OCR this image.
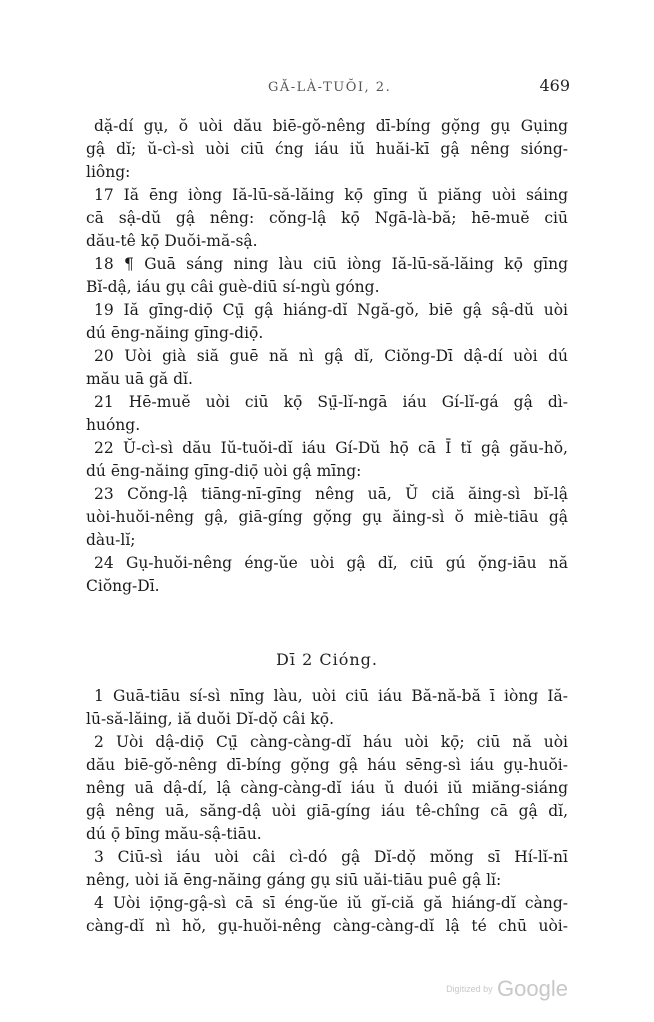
GĂ-LÀ-TUŎI, 2.	469
dặ-dí gụ, ŏ uòi dău biē-gŏ-nêng dī-bíng gọ̆ng gụ Gụing
gậ dĭ; ŭ-cì-sì uòi ciū ćng iáu iŭ huăi-kī gậ nêng sióng-
liông:
17 Iă ēng iòng Iă-lū-să-lăing kọ̄ gīng ŭ piăng uòi sáing
cā sậ-dŭ gậ nêng: cŏng-lậ kọ̄ Ngā-là-bă; hē-muĕ ciū
dău-tê kọ̄ Duŏi-mă-sậ.
18 ¶ Guā sáng ning làu ciū iòng Iă-lū-să-lăing kọ̄ gīng
Bĭ-dậ, iáu gụ câi guè-diū sí-ngù góng.
19 Iă gīng-diọ̄ Cṳ̄ gậ hiáng-dĭ Ngă-gŏ, biē gậ sậ-dŭ uòi
dú ēng-năing gīng-diọ̄.
20 Uòi già siă guē nă nì gậ dĭ, Ciŏng-Dī dậ-dí uòi dú
mău uā gă dĭ.
21 Hē-muĕ uòi ciū kọ̄ Sṳ̄-lĭ-ngā iáu Gí-lĭ-gá gậ dì-
huóng.
22 Ŭ-cì-sì dău Iŭ-tuŏi-dĭ iáu Gí-Dŭ họ̄ cā Ī tĭ gậ gău-hŏ,
dú ēng-năing gīng-diọ̄ uòi gậ mīng:
23 Cŏng-lậ tiāng-nī-gīng nêng uā, Ŭ ciă ăing-sì bĭ-lậ
uòi-huŏi-nêng gậ, giā-gíng gọ̆ng gụ ăing-sì ŏ miè-tiāu gậ
dàu-lĭ;
24 Gụ-huŏi-nêng éng-ŭe uòi gậ dĭ, ciū gú ọ̆ng-iāu nă
Ciŏng-Dī.
Dī 2 Cióng.
1 Guā-tiāu sí-sì nīng làu, uòi ciū iáu Bă-nă-bă ī iòng Iă-
lū-să-lăing, iă duŏi Dĭ-dọ̆ câi kọ̄.
2 Uòi dậ-diọ̄ Cṳ̄ càng-càng-dĭ háu uòi kọ̄; ciū nă uòi
dău biē-gŏ-nêng dī-bíng gọ̆ng gậ háu sēng-sì iáu gụ-huŏi-
nêng uā dậ-dí, lậ càng-càng-dĭ iáu ŭ duói iŭ miăng-siáng
gậ nêng uā, săng-dậ uòi giā-gíng iáu tê-chîng cā gậ dĭ,
dú ọ̄ bīng mău-sậ-tiāu.
3 Ciū-sì iáu uòi câi cì-dó gậ Dĭ-dọ̆ mŏng sī Hí-lĭ-nī
nêng, uòi iă ēng-năing gáng gụ siū uăi-tiāu puê gậ lĭ:
4 Uòi iọ̄ng-gậ-sì cā sī éng-ŭe iŭ gĭ-ciă gă hiáng-dĭ càng-
càng-dĭ nì hŏ, gụ-huŏi-nêng càng-càng-dĭ lậ té chū uòi-
Digitized by Google
